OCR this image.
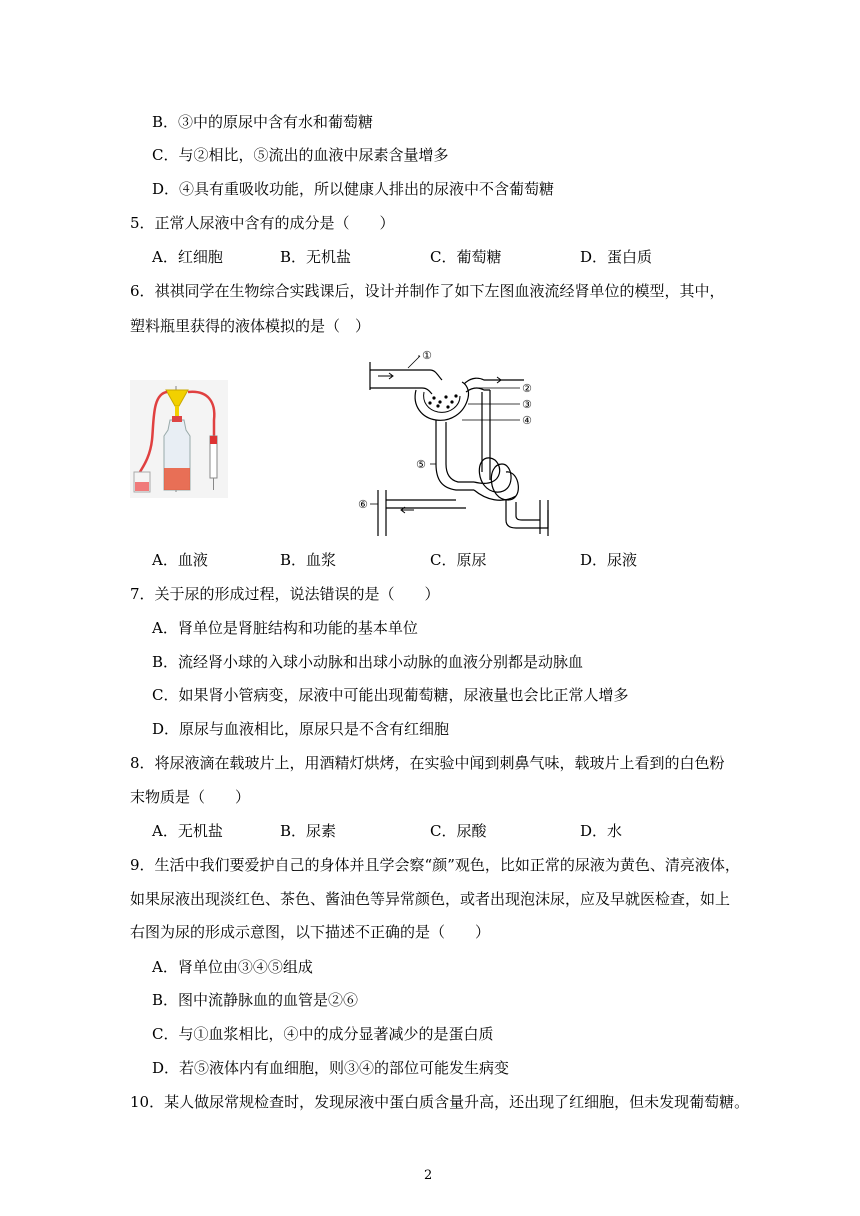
B．③中的原尿中含有水和葡萄糖
C．与②相比，⑤流出的血液中尿素含量增多
D．④具有重吸收功能，所以健康人排出的尿液中不含葡萄糖
5．正常人尿液中含有的成分是（　　）
A．红细胞	B．无机盐	C．葡萄糖	D．蛋白质
6．祺祺同学在生物综合实践课后，设计并制作了如下左图血液流经肾单位的模型，其中，
塑料瓶里获得的液体模拟的是（　）
①
②
③
④
⑤
⑥
A．血液	B．血浆	C．原尿	D．尿液
7．关于尿的形成过程，说法错误的是（　　）
A．肾单位是肾脏结构和功能的基本单位
B．流经肾小球的入球小动脉和出球小动脉的血液分别都是动脉血
C．如果肾小管病变，尿液中可能出现葡萄糖，尿液量也会比正常人增多
D．原尿与血液相比，原尿只是不含有红细胞
8．将尿液滴在载玻片上，用酒精灯烘烤，在实验中闻到刺鼻气味，载玻片上看到的白色粉
末物质是（　　）
A．无机盐	B．尿素	C．尿酸	D．水
9．生活中我们要爱护自己的身体并且学会察“颜”观色，比如正常的尿液为黄色、清亮液体，
如果尿液出现淡红色、茶色、酱油色等异常颜色，或者出现泡沫尿，应及早就医检查，如上
右图为尿的形成示意图，以下描述不正确的是（　　）
A．肾单位由③④⑤组成
B．图中流静脉血的血管是②⑥
C．与①血浆相比，④中的成分显著减少的是蛋白质
D．若⑤液体内有血细胞，则③④的部位可能发生病变
10．某人做尿常规检查时，发现尿液中蛋白质含量升高，还出现了红细胞，但未发现葡萄糖。
2
